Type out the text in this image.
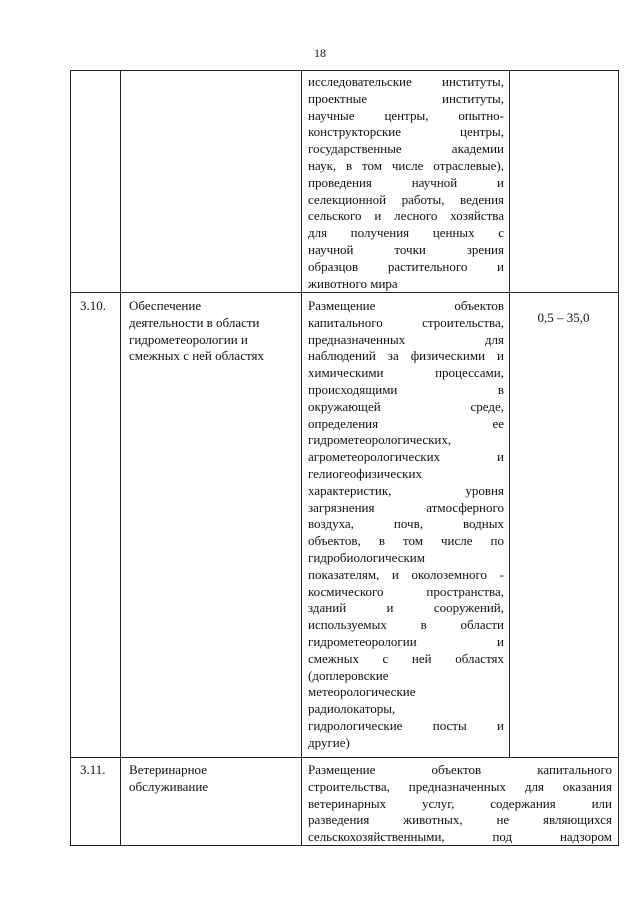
18
исследовательские институты,
проектные институты,
научные центры, опытно-
конструкторские центры,
государственные академии
наук, в том числе отраслевые),
проведения научной и
селекционной работы, ведения
сельского и лесного хозяйства
для получения ценных с
научной точки зрения
образцов растительного и
животного мира
3.10. Обеспечение
деятельности в области
гидрометеорологии и
смежных с ней областях
Размещение объектов
капитального строительства,
предназначенных для
наблюдений за физическими и
химическими процессами,
происходящими в
окружающей среде,
определения ее
гидрометеорологических,
агрометеорологических и
гелиогеофизических
характеристик, уровня
загрязнения атмосферного
воздуха, почв, водных
объектов, в том числе по
гидробиологическим
показателям, и околоземного -
космического пространства,
зданий и сооружений,
используемых в области
гидрометеорологии и
смежных с ней областях
(доплеровские
метеорологические
радиолокаторы,
гидрологические посты и
другие)
0,5 – 35,0
3.11. Ветеринарное
обслуживание
Размещение объектов капитального
строительства, предназначенных для оказания
ветеринарных услуг, содержания или
разведения животных, не являющихся
сельскохозяйственными, под надзором
